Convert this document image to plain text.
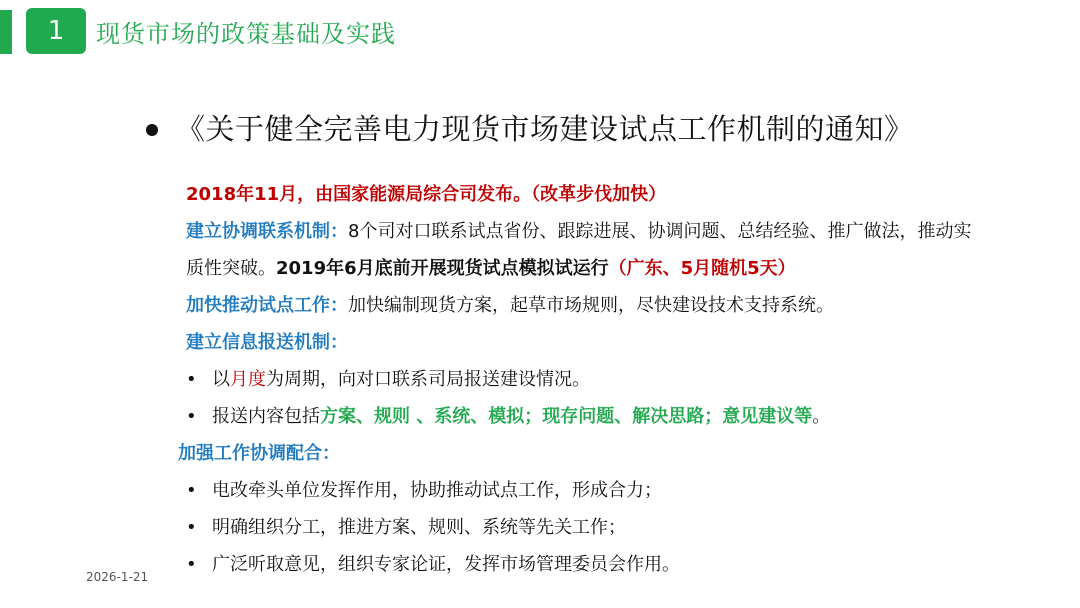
1	现货市场的政策基础及实践
《关于健全完善电力现货市场建设试点工作机制的通知》
2018年11月，由国家能源局综合司发布。（改革步伐加快）
建立协调联系机制：8个司对口联系试点省份、跟踪进展、协调问题、总结经验、推广做法，推动实质性突破。2019年6月底前开展现货试点模拟试运行（广东、5月随机5天）
加快推动试点工作：加快编制现货方案，起草市场规则，尽快建设技术支持系统。
建立信息报送机制：
• 以月度为周期，向对口联系司局报送建设情况。
• 报送内容包括方案、规则 、系统、模拟；现存问题、解决思路；意见建议等。
加强工作协调配合：
• 电改牵头单位发挥作用，协助推动试点工作，形成合力；
• 明确组织分工，推进方案、规则、系统等先关工作；
• 广泛听取意见，组织专家论证，发挥市场管理委员会作用。
2026-1-21
